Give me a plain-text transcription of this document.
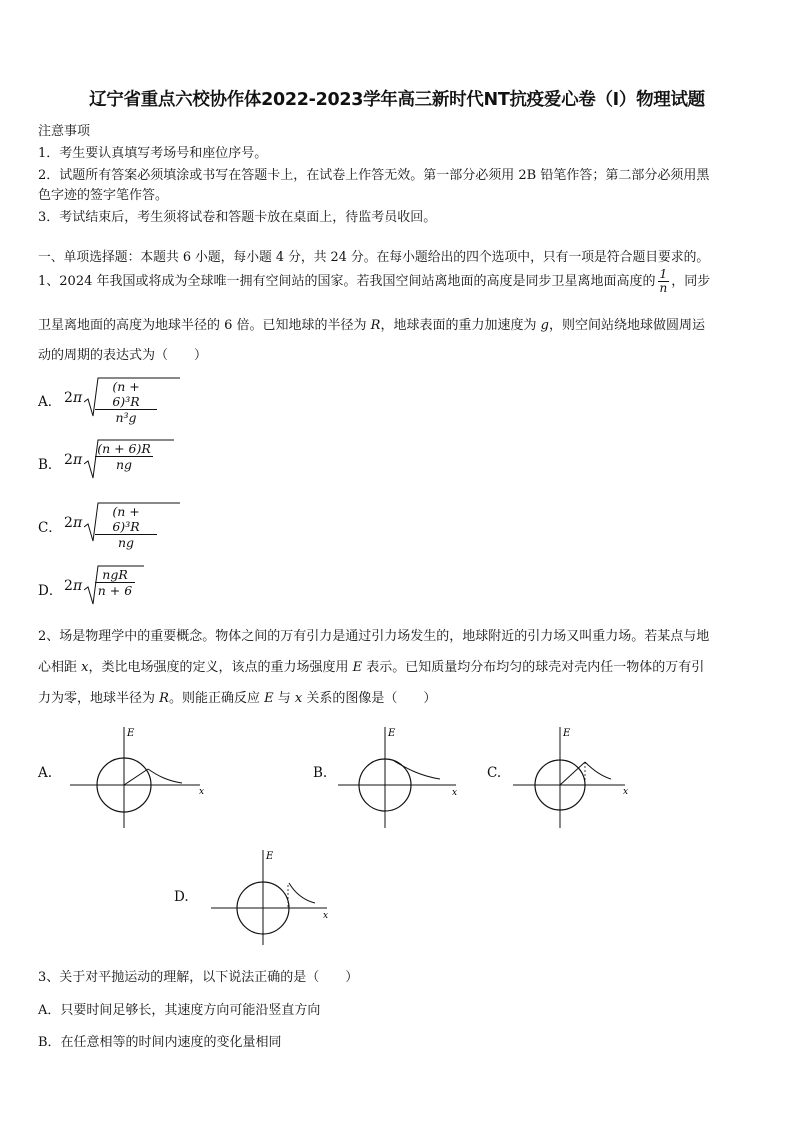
辽宁省重点六校协作体2022-2023学年高三新时代NT抗疫爱心卷（I）物理试题
注意事项
1．考生要认真填写考场号和座位序号。
2．试题所有答案必须填涂或书写在答题卡上，在试卷上作答无效。第一部分必须用 2B 铅笔作答；第二部分必须用黑
色字迹的签字笔作答。
3．考试结束后，考生须将试卷和答题卡放在桌面上，待监考员收回。
一、单项选择题：本题共 6 小题，每小题 4 分，共 24 分。在每小题给出的四个选项中，只有一项是符合题目要求的。
1、2024 年我国或将成为全球唯一拥有空间站的国家。若我国空间站离地面的高度是同步卫星离地面高度的 $\frac{1}{n}$ ，同步
卫星离地面的高度为地球半径的 6 倍。已知地球的半径为 R，地球表面的重力加速度为 g，则空间站绕地球做圆周运
动的周期的表达式为（　　）
A． 2 π
(n + 6)³R
n³g
B． 2 π
(n + 6)R
ng
C． 2 π
(n + 6)³R
ng
D． 2 π
ngR
n + 6
2、场是物理学中的重要概念。物体之间的万有引力是通过引力场发生的，地球附近的引力场又叫重力场。若某点与地
心相距 x，类比电场强度的定义，该点的重力场强度用 E 表示。已知质量均分布均匀的球壳对壳内任一物体的万有引
力为零，地球半径为 R。则能正确反应 E 与 x 关系的图像是（　　）
A.
E
x
B.
E
x
C.
E
x
D.
E
x
3、关于对平抛运动的理解，以下说法正确的是（　　）
A．只要时间足够长，其速度方向可能沿竖直方向
B．在任意相等的时间内速度的变化量相同
